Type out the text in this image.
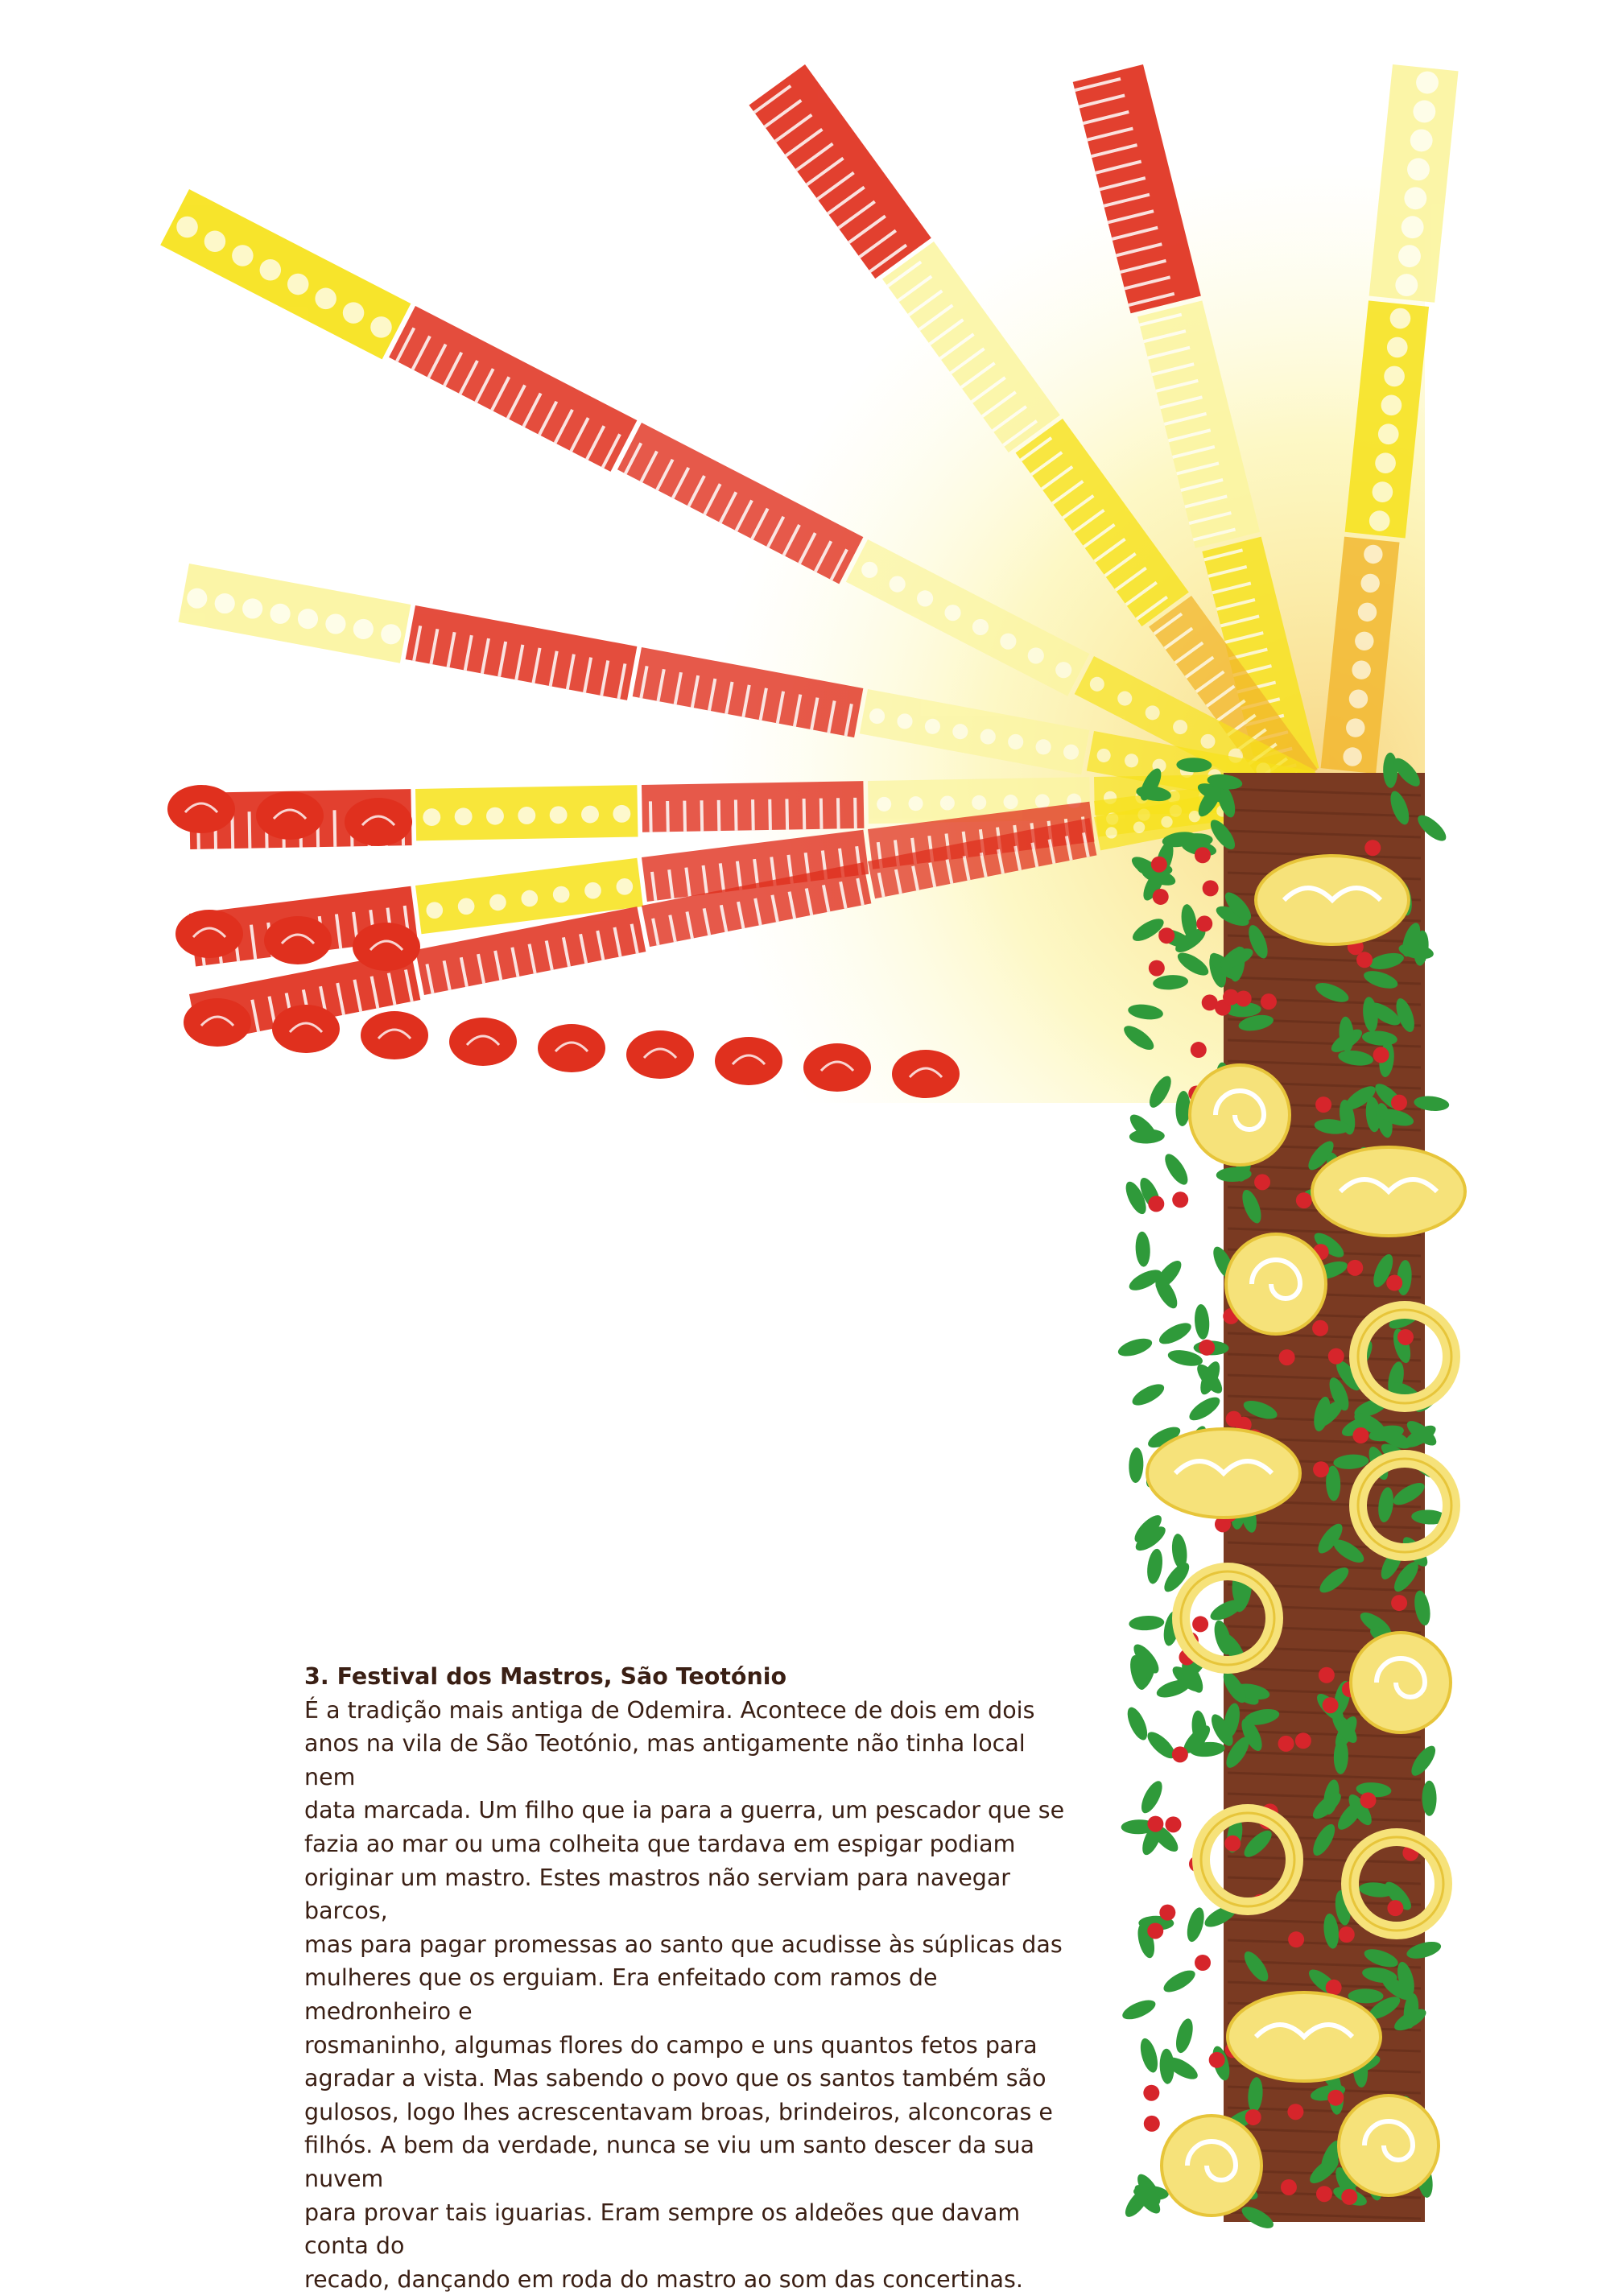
3. Festival dos Mastros, São Teotónio

É a tradição mais antiga de Odemira. Acontece de dois em dois
anos na vila de São Teotónio, mas antigamente não tinha local nem
data marcada. Um filho que ia para a guerra, um pescador que se
fazia ao mar ou uma colheita que tardava em espigar podiam
originar um mastro. Estes mastros não serviam para navegar barcos,
mas para pagar promessas ao santo que acudisse às súplicas das
mulheres que os erguiam. Era enfeitado com ramos de medronheiro e
rosmaninho, algumas flores do campo e uns quantos fetos para
agradar a vista. Mas sabendo o povo que os santos também são
gulosos, logo lhes acrescentavam broas, brindeiros, alconcoras e
filhós. A bem da verdade, nunca se viu um santo descer da sua nuvem
para provar tais iguarias. Eram sempre os aldeões que davam conta do
recado, dançando em roda do mastro ao som das concertinas.
